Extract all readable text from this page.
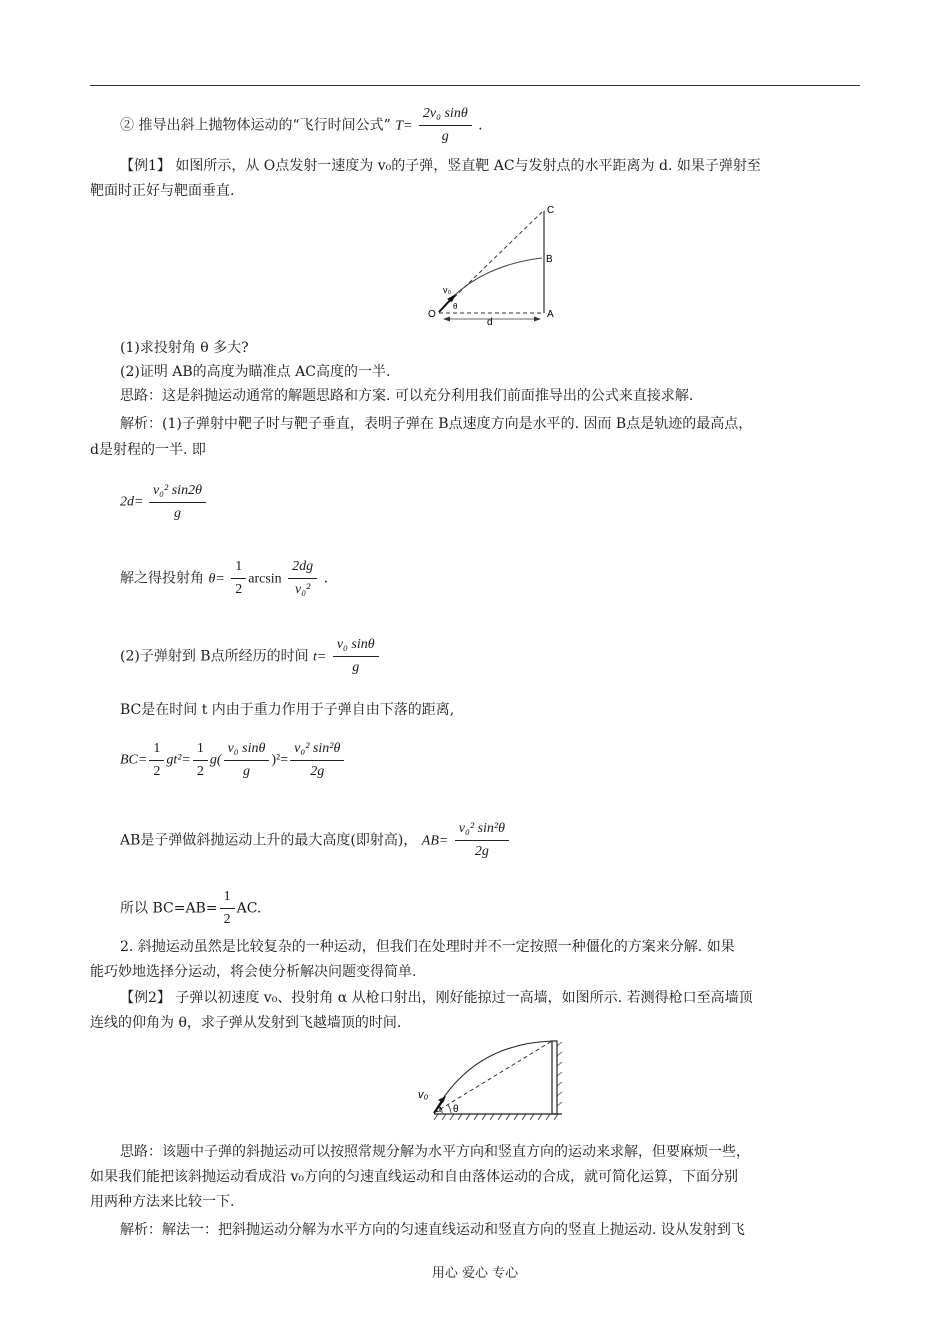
② 推导出斜上抛物体运动的“飞行时间公式” $T= \frac{\text{2v₀ sinθ}}{g}$ .
【例1】 如图所示，从 O点发射一速度为 v₀的子弹，竖直靶 AC与发射点的水平距离为 d. 如果子弹射至
靶面时正好与靶面垂直.
C
B
A
O
v₀
θ
d
(1)求投射角 θ 多大?
(2)证明 AB的高度为瞄准点 AC高度的一半.
思路：这是斜抛运动通常的解题思路和方案. 可以充分利用我们前面推导出的公式来直接求解.
解析：(1)子弹射中靶子时与靶子垂直，表明子弹在 B点速度方向是水平的. 因而 B点是轨迹的最高点，
d是射程的一半. 即
$2d= \frac{\text{v₀² sin2θ}}{g}$
解之得投射角 $\theta= \frac{1}{2}$ $\arcsin \frac{2dg}{\text{v₀²}}$ .
(2)子弹射到 B点所经历的时间 $t= \frac{\text{v₀ sinθ}}{g}$
BC是在时间 t 内由于重力作用于子弹自由下落的距离,
$BC= \frac{1}{2} gt^2= \frac{1}{2} g( \frac{\text{v₀ sinθ}}{g} )^2= \frac{\text{v₀² sin²θ}}{2g}$
AB是子弹做斜抛运动上升的最大高度(即射高)， $AB= \frac{\text{v₀² sin²θ}}{2g}$
所以 $BC=AB= \frac{1}{2}$ AC.
2. 斜抛运动虽然是比较复杂的一种运动，但我们在处理时并不一定按照一种僵化的方案来分解. 如果
能巧妙地选择分运动，将会使分析解决问题变得简单.
【例2】 子弹以初速度 v₀、投射角 α 从枪口射出，刚好能掠过一高墙，如图所示. 若测得枪口至高墙顶
连线的仰角为 θ，求子弹从发射到飞越墙顶的时间.
v₀
α θ
思路：该题中子弹的斜抛运动可以按照常规分解为水平方向和竖直方向的运动来求解，但要麻烦一些，
如果我们能把该斜抛运动看成沿 v₀方向的匀速直线运动和自由落体运动的合成，就可简化运算，下面分别
用两种方法来比较一下.
解析：解法一：把斜抛运动分解为水平方向的匀速直线运动和竖直方向的竖直上抛运动. 设从发射到飞
用心 爱心 专心
